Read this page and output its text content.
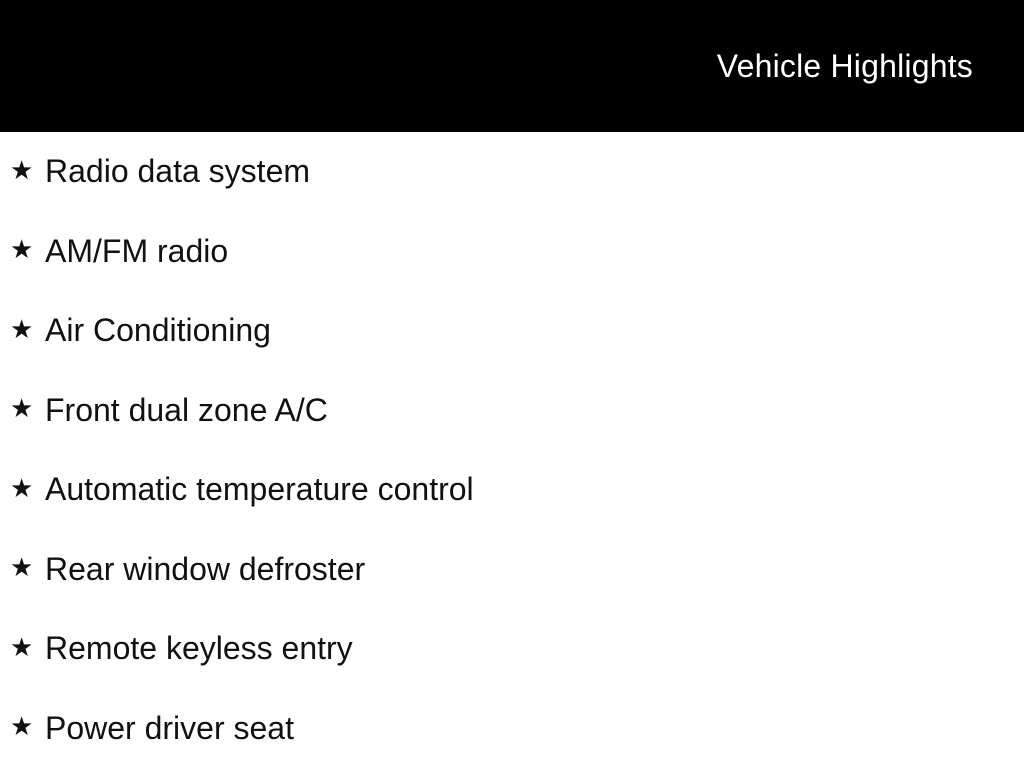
Vehicle Highlights
★ Radio data system
★ AM/FM radio
★ Air Conditioning
★ Front dual zone A/C
★ Automatic temperature control
★ Rear window defroster
★ Remote keyless entry
★ Power driver seat
